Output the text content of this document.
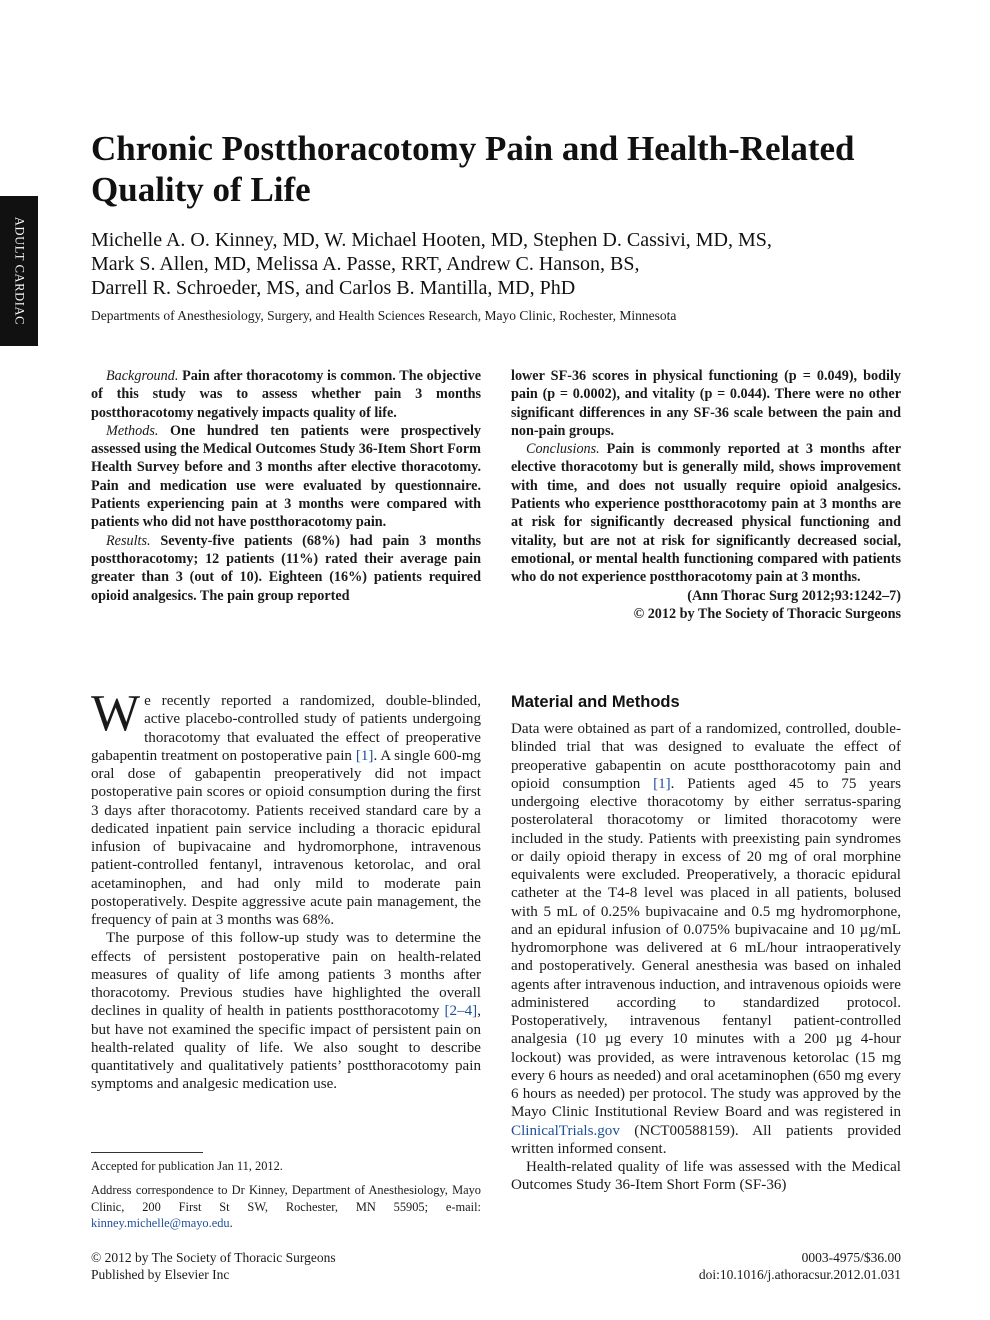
ADULT CARDIAC
Chronic Postthoracotomy Pain and Health-Related
Quality of Life
Michelle A. O. Kinney, MD, W. Michael Hooten, MD, Stephen D. Cassivi, MD, MS,
Mark S. Allen, MD, Melissa A. Passe, RRT, Andrew C. Hanson, BS,
Darrell R. Schroeder, MS, and Carlos B. Mantilla, MD, PhD
Departments of Anesthesiology, Surgery, and Health Sciences Research, Mayo Clinic, Rochester, Minnesota

Background. Pain after thoracotomy is common. The objective of this study was to assess whether pain 3 months postthoracotomy negatively impacts quality of life.

Methods. One hundred ten patients were prospectively assessed using the Medical Outcomes Study 36-Item Short Form Health Survey before and 3 months after elective thoracotomy. Pain and medication use were evaluated by questionnaire. Patients experiencing pain at 3 months were compared with patients who did not have postthoracotomy pain.

Results. Seventy-five patients (68%) had pain 3 months postthoracotomy; 12 patients (11%) rated their average pain greater than 3 (out of 10). Eighteen (16%) patients required opioid analgesics. The pain group reported

lower SF-36 scores in physical functioning (p = 0.049), bodily pain (p = 0.0002), and vitality (p = 0.044). There were no other significant differences in any SF-36 scale between the pain and non-pain groups.

Conclusions. Pain is commonly reported at 3 months after elective thoracotomy but is generally mild, shows improvement with time, and does not usually require opioid analgesics. Patients who experience postthoracotomy pain at 3 months are at risk for significantly decreased physical functioning and vitality, but are not at risk for significantly decreased social, emotional, or mental health functioning compared with patients who do not experience postthoracotomy pain at 3 months.

(Ann Thorac Surg 2012;93:1242–7)

© 2012 by The Society of Thoracic Surgeons

We recently reported a randomized, double-blinded, active placebo-controlled study of patients undergoing thoracotomy that evaluated the effect of preoperative gabapentin treatment on postoperative pain [1]. A single 600-mg oral dose of gabapentin preoperatively did not impact postoperative pain scores or opioid consumption during the first 3 days after thoracotomy. Patients received standard care by a dedicated inpatient pain service including a thoracic epidural infusion of bupivacaine and hydromorphone, intravenous patient-controlled fentanyl, intravenous ketorolac, and oral acetaminophen, and had only mild to moderate pain postoperatively. Despite aggressive acute pain management, the frequency of pain at 3 months was 68%.

The purpose of this follow-up study was to determine the effects of persistent postoperative pain on health-related measures of quality of life among patients 3 months after thoracotomy. Previous studies have highlighted the overall declines in quality of health in patients postthoracotomy [2–4], but have not examined the specific impact of persistent pain on health-related quality of life. We also sought to describe quantitatively and qualitatively patients’ postthoracotomy pain symptoms and analgesic medication use.

Accepted for publication Jan 11, 2012.

Address correspondence to Dr Kinney, Department of Anesthesiology, Mayo Clinic, 200 First St SW, Rochester, MN 55905; e-mail: kinney.michelle@mayo.edu.

Material and Methods

Data were obtained as part of a randomized, controlled, double-blinded trial that was designed to evaluate the effect of preoperative gabapentin on acute postthoracotomy pain and opioid consumption [1]. Patients aged 45 to 75 years undergoing elective thoracotomy by either serratus-sparing posterolateral thoracotomy or limited thoracotomy were included in the study. Patients with preexisting pain syndromes or daily opioid therapy in excess of 20 mg of oral morphine equivalents were excluded. Preoperatively, a thoracic epidural catheter at the T4-8 level was placed in all patients, bolused with 5 mL of 0.25% bupivacaine and 0.5 mg hydromorphone, and an epidural infusion of 0.075% bupivacaine and 10 µg/mL hydromorphone was delivered at 6 mL/hour intraoperatively and postoperatively. General anesthesia was based on inhaled agents after intravenous induction, and intravenous opioids were administered according to standardized protocol. Postoperatively, intravenous fentanyl patient-controlled analgesia (10 µg every 10 minutes with a 200 µg 4-hour lockout) was provided, as were intravenous ketorolac (15 mg every 6 hours as needed) and oral acetaminophen (650 mg every 6 hours as needed) per protocol. The study was approved by the Mayo Clinic Institutional Review Board and was registered in ClinicalTrials.gov (NCT00588159). All patients provided written informed consent.

Health-related quality of life was assessed with the Medical Outcomes Study 36-Item Short Form (SF-36)

© 2012 by The Society of Thoracic Surgeons
Published by Elsevier Inc
0003-4975/$36.00
doi:10.1016/j.athoracsur.2012.01.031
